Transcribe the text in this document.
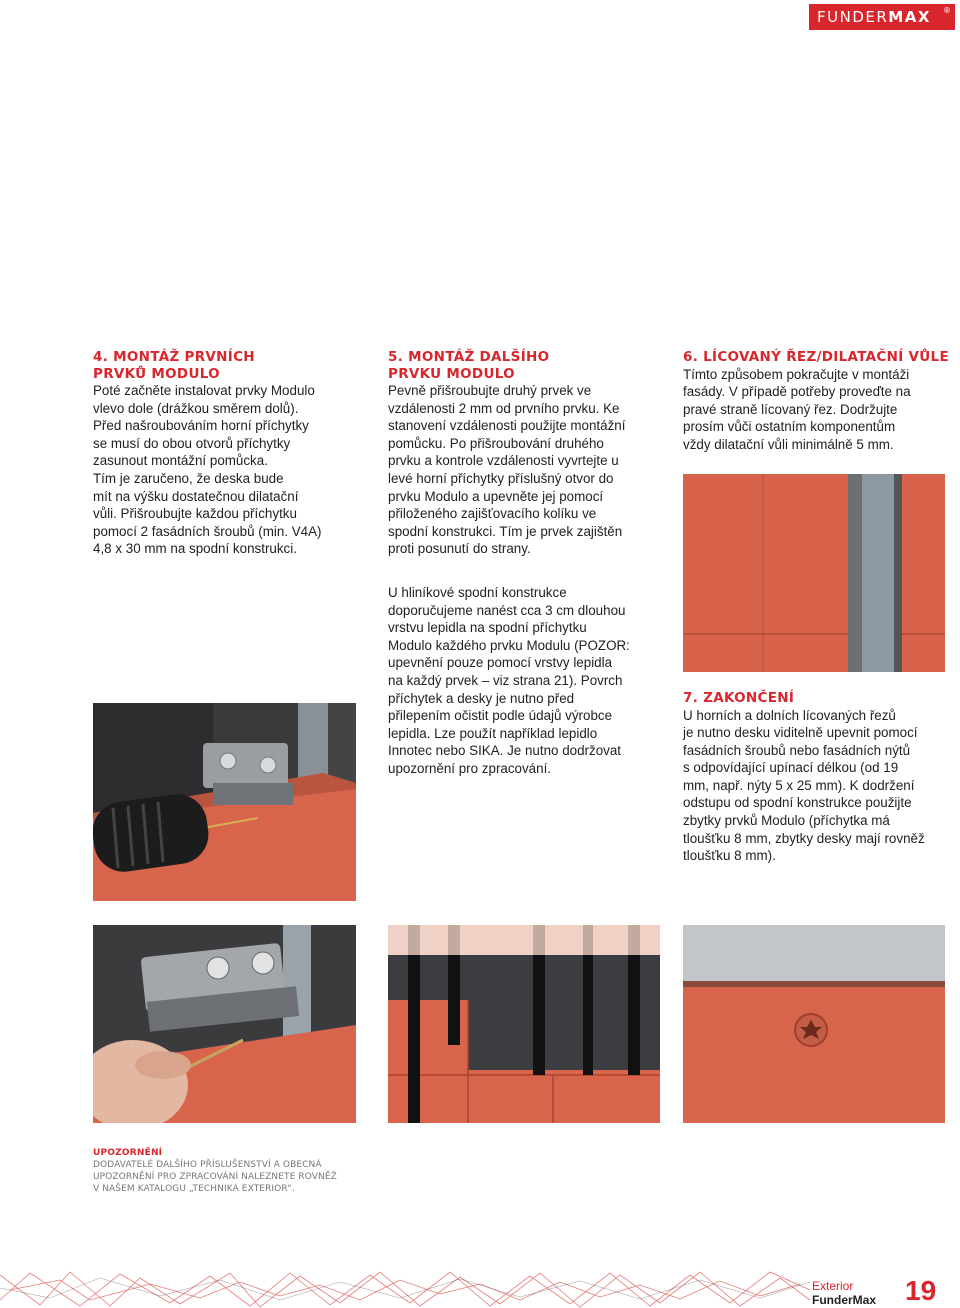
FUNDERMAX	®
4. MONTÁŽ PRVNÍCH
PRVKŮ MODULO

Poté začněte instalovat prvky Modulo
vlevo dole (drážkou směrem dolů).
Před našroubováním horní příchytky
se musí do obou otvorů příchytky
zasunout montážní pomůcka.
Tím je zaručeno, že deska bude
mít na výšku dostatečnou dilatační
vůli. Přišroubujte každou příchytku
pomocí 2 fasádních šroubů (min. V4A)
4,8 x 30 mm na spodní konstrukci.

5. MONTÁŽ DALŠÍHO
PRVKU MODULO

Pevně přišroubujte druhý prvek ve
vzdálenosti 2 mm od prvního prvku. Ke
stanovení vzdálenosti použijte montážní
pomůcku. Po přišroubování druhého
prvku a kontrole vzdálenosti vyvrtejte u
levé horní příchytky příslušný otvor do
prvku Modulo a upevněte jej pomocí
přiloženého zajišťovacího kolíku ve
spodní konstrukci. Tím je prvek zajištěn
proti posunutí do strany.

U hliníkové spodní konstrukce
doporučujeme nanést cca 3 cm dlouhou
vrstvu lepidla na spodní příchytku
Modulo každého prvku Modulu (POZOR:
upevnění pouze pomocí vrstvy lepidla
na každý prvek – viz strana 21). Povrch
příchytek a desky je nutno před
přilepením očistit podle údajů výrobce
lepidla. Lze použít například lepidlo
Innotec nebo SIKA. Je nutno dodržovat
upozornění pro zpracování.

6. LÍCOVANÝ ŘEZ/DILATAČNÍ VŮLE

Tímto způsobem pokračujte v montáži
fasády. V případě potřeby proveďte na
pravé straně lícovaný řez. Dodržujte
prosím vůči ostatním komponentům
vždy dilatační vůli minimálně 5 mm.

7. ZAKONČENÍ

U horních a dolních lícovaných řezů
je nutno desku viditelně upevnit pomocí
fasádních šroubů nebo fasádních nýtů
s odpovídající upínací délkou (od 19
mm, např. nýty 5 x 25 mm). K dodržení
odstupu od spodní konstrukce použijte
zbytky prvků Modulo (příchytka má
tloušťku 8 mm, zbytky desky mají rovněž
tloušťku 8 mm).

UPOZORNĚNÍ
DODAVATELÉ DALŠÍHO PŘÍSLUŠENSTVÍ A OBECNÁ
UPOZORNĚNÍ PRO ZPRACOVÁNÍ NALEZNETE ROVNĚŽ
V NAŠEM KATALOGU „TECHNIKA EXTERIOR“.
Exterior
FunderMax 19
